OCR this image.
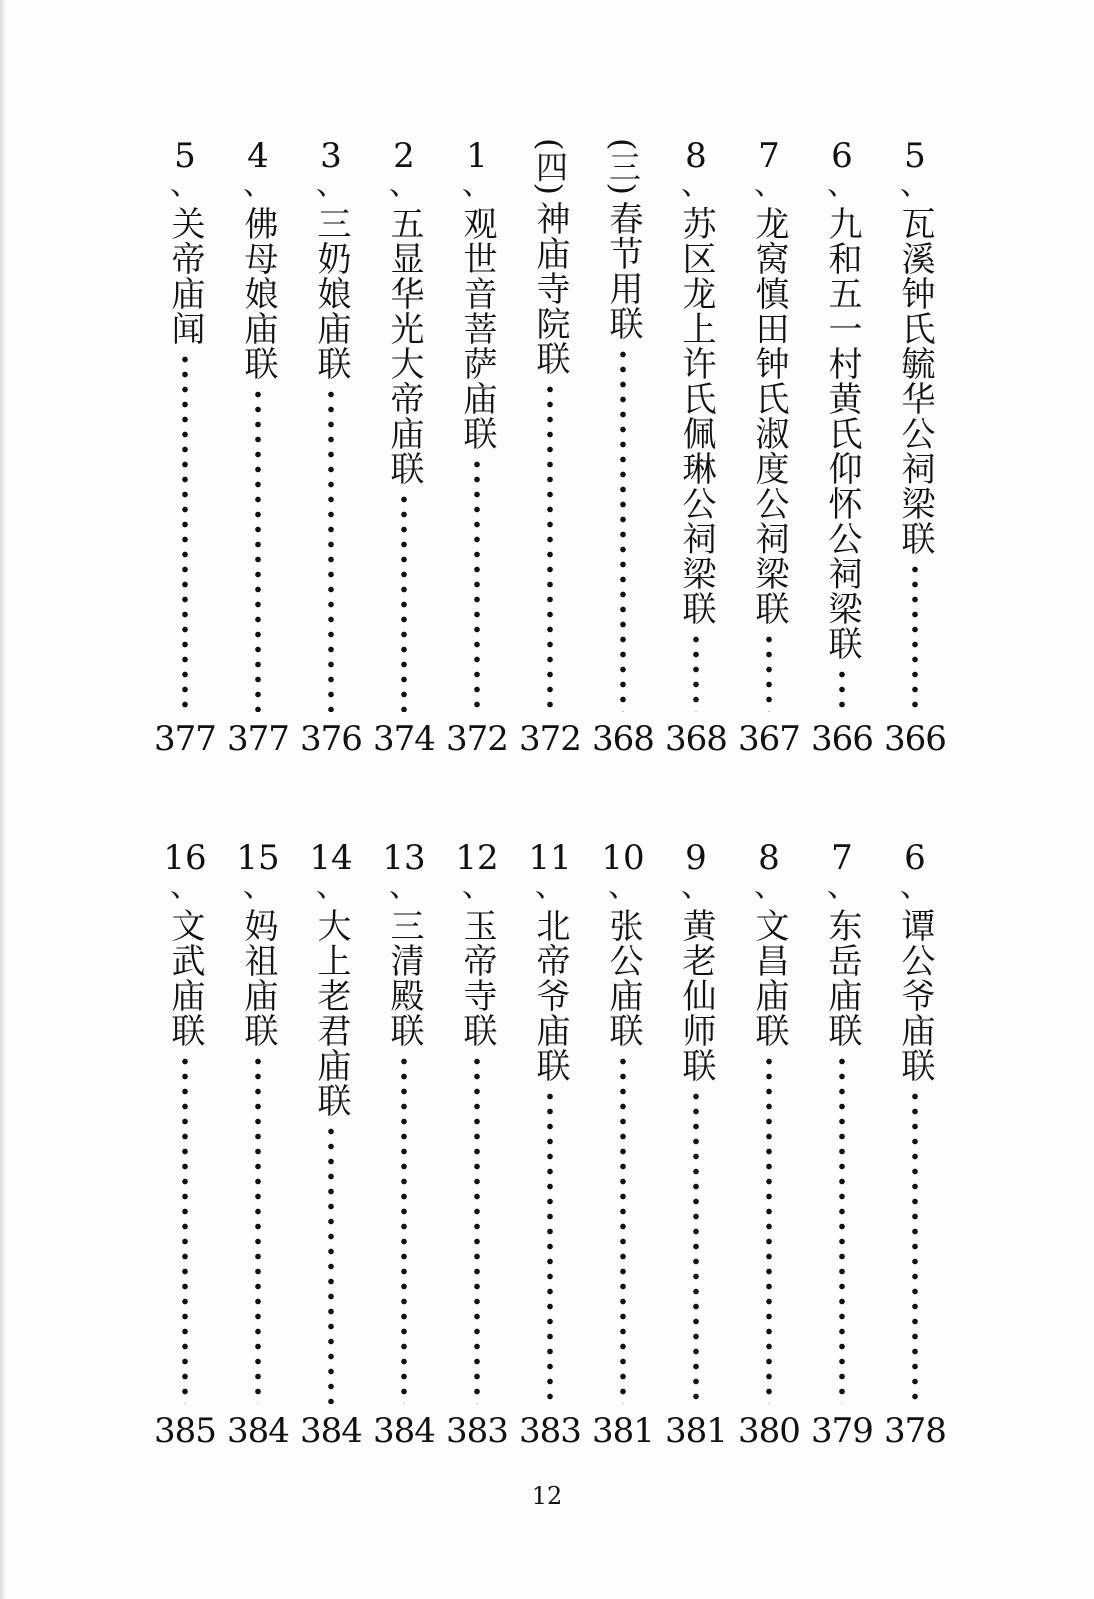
5
、
瓦溪钟氏毓华公祠梁联
366
6
、
九和五一村黄氏仰怀公祠梁联
366
7
、
龙窝慎田钟氏淑度公祠梁联
367
8
、
苏区龙上许氏佩琳公祠梁联
368
(三)
春节用联
368
(四)
神庙寺院联
372
1
、
观世音菩萨庙联
372
2
、
五显华光大帝庙联
374
3
、
三奶娘庙联
376
4
、
佛母娘庙联
377
5
、
关帝庙闻
377
6
、
谭公爷庙联
378
7
、
东岳庙联
379
8
、
文昌庙联
380
9
、
黄老仙师联
381
10
、
张公庙联
381
11
、
北帝爷庙联
383
12
、
玉帝寺联
383
13
、
三清殿联
384
14
、
大上老君庙联
384
15
、
妈祖庙联
384
16
、
文武庙联
385
12
